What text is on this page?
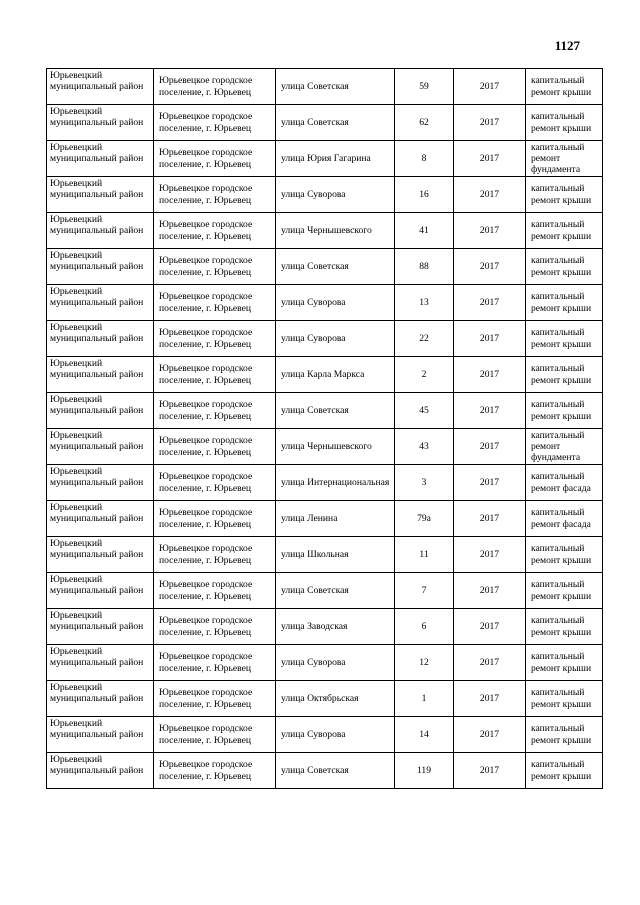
1127
Юрьевецкий муниципальный район	Юрьевецкое городское поселение, г. Юрьевец	улица Советская	59	2017	капитальный ремонт крыши
Юрьевецкий муниципальный район	Юрьевецкое городское поселение, г. Юрьевец	улица Советская	62	2017	капитальный ремонт крыши
Юрьевецкий муниципальный район	Юрьевецкое городское поселение, г. Юрьевец	улица Юрия Гагарина	8	2017	капитальный ремонт фундамента
Юрьевецкий муниципальный район	Юрьевецкое городское поселение, г. Юрьевец	улица Суворова	16	2017	капитальный ремонт крыши
Юрьевецкий муниципальный район	Юрьевецкое городское поселение, г. Юрьевец	улица Чернышевского	41	2017	капитальный ремонт крыши
Юрьевецкий муниципальный район	Юрьевецкое городское поселение, г. Юрьевец	улица Советская	88	2017	капитальный ремонт крыши
Юрьевецкий муниципальный район	Юрьевецкое городское поселение, г. Юрьевец	улица Суворова	13	2017	капитальный ремонт крыши
Юрьевецкий муниципальный район	Юрьевецкое городское поселение, г. Юрьевец	улица Суворова	22	2017	капитальный ремонт крыши
Юрьевецкий муниципальный район	Юрьевецкое городское поселение, г. Юрьевец	улица Карла Маркса	2	2017	капитальный ремонт крыши
Юрьевецкий муниципальный район	Юрьевецкое городское поселение, г. Юрьевец	улица Советская	45	2017	капитальный ремонт крыши
Юрьевецкий муниципальный район	Юрьевецкое городское поселение, г. Юрьевец	улица Чернышевского	43	2017	капитальный ремонт фундамента
Юрьевецкий муниципальный район	Юрьевецкое городское поселение, г. Юрьевец	улица Интернациональная	3	2017	капитальный ремонт фасада
Юрьевецкий муниципальный район	Юрьевецкое городское поселение, г. Юрьевец	улица Ленина	79а	2017	капитальный ремонт фасада
Юрьевецкий муниципальный район	Юрьевецкое городское поселение, г. Юрьевец	улица Школьная	11	2017	капитальный ремонт крыши
Юрьевецкий муниципальный район	Юрьевецкое городское поселение, г. Юрьевец	улица Советская	7	2017	капитальный ремонт крыши
Юрьевецкий муниципальный район	Юрьевецкое городское поселение, г. Юрьевец	улица Заводская	6	2017	капитальный ремонт крыши
Юрьевецкий муниципальный район	Юрьевецкое городское поселение, г. Юрьевец	улица Суворова	12	2017	капитальный ремонт крыши
Юрьевецкий муниципальный район	Юрьевецкое городское поселение, г. Юрьевец	улица Октябрьская	1	2017	капитальный ремонт крыши
Юрьевецкий муниципальный район	Юрьевецкое городское поселение, г. Юрьевец	улица Суворова	14	2017	капитальный ремонт крыши
Юрьевецкий муниципальный район	Юрьевецкое городское поселение, г. Юрьевец	улица Советская	119	2017	капитальный ремонт крыши
